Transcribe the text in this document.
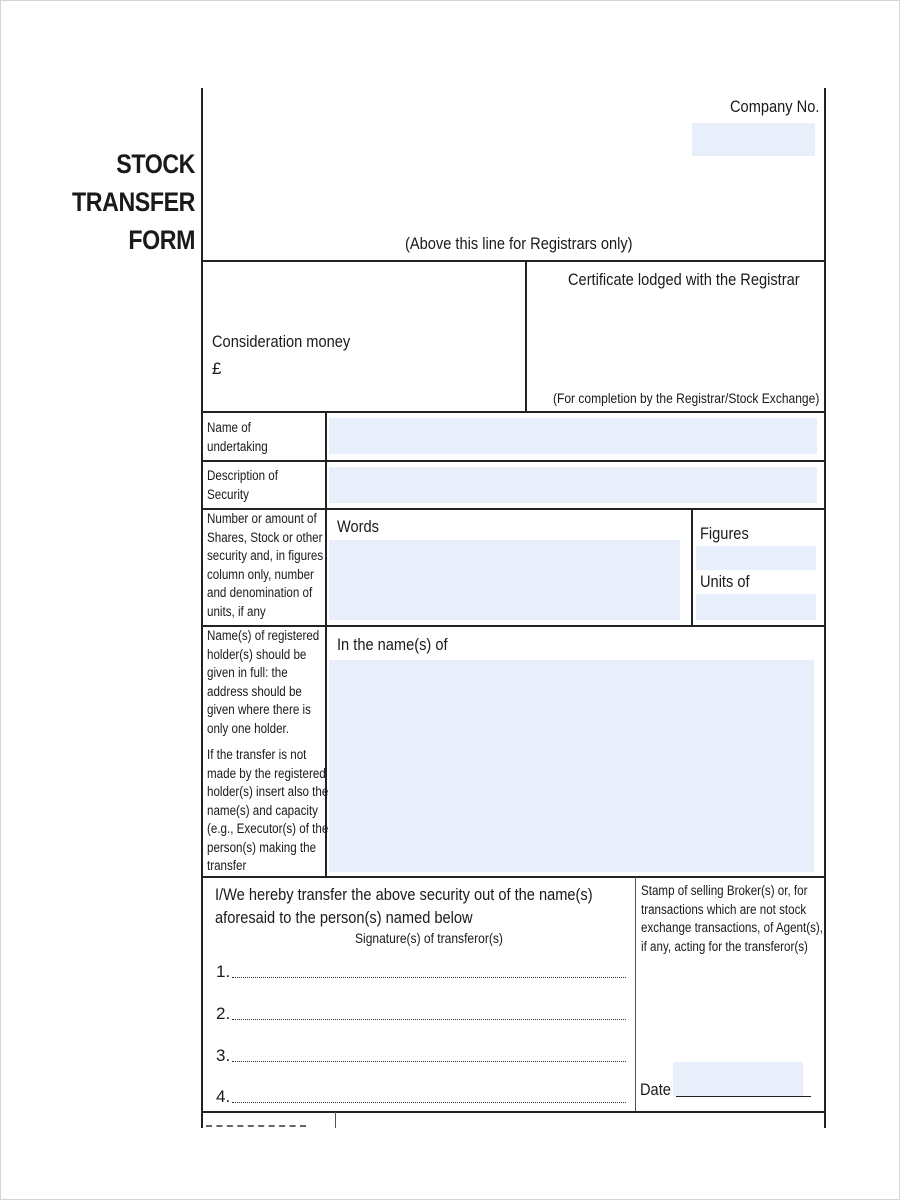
STOCK
TRANSFER
FORM
Company No.
(Above this line for Registrars only)
Consideration money
£
Certificate lodged with the Registrar
(For completion by the Registrar/Stock Exchange)
Name of
undertaking
Description of
Security
Number or amount of
Shares, Stock or other
security and, in figures
column only, number
and denomination of
units, if any
Words	Figures
Units of
Name(s) of registered
holder(s) should be
given in full: the
address should be
given where there is
only one holder.
If the transfer is not
made by the registered
holder(s) insert also the
name(s) and capacity
(e.g., Executor(s) of the
person(s) making the
transfer
In the name(s) of
I/We hereby transfer the above security out of the name(s)
aforesaid to the person(s) named below
Signature(s) of transferor(s)
1.
2.
3.
4.
Stamp of selling Broker(s) or, for
transactions which are not stock
exchange transactions, of Agent(s),
if any, acting for the transferor(s)
Date
